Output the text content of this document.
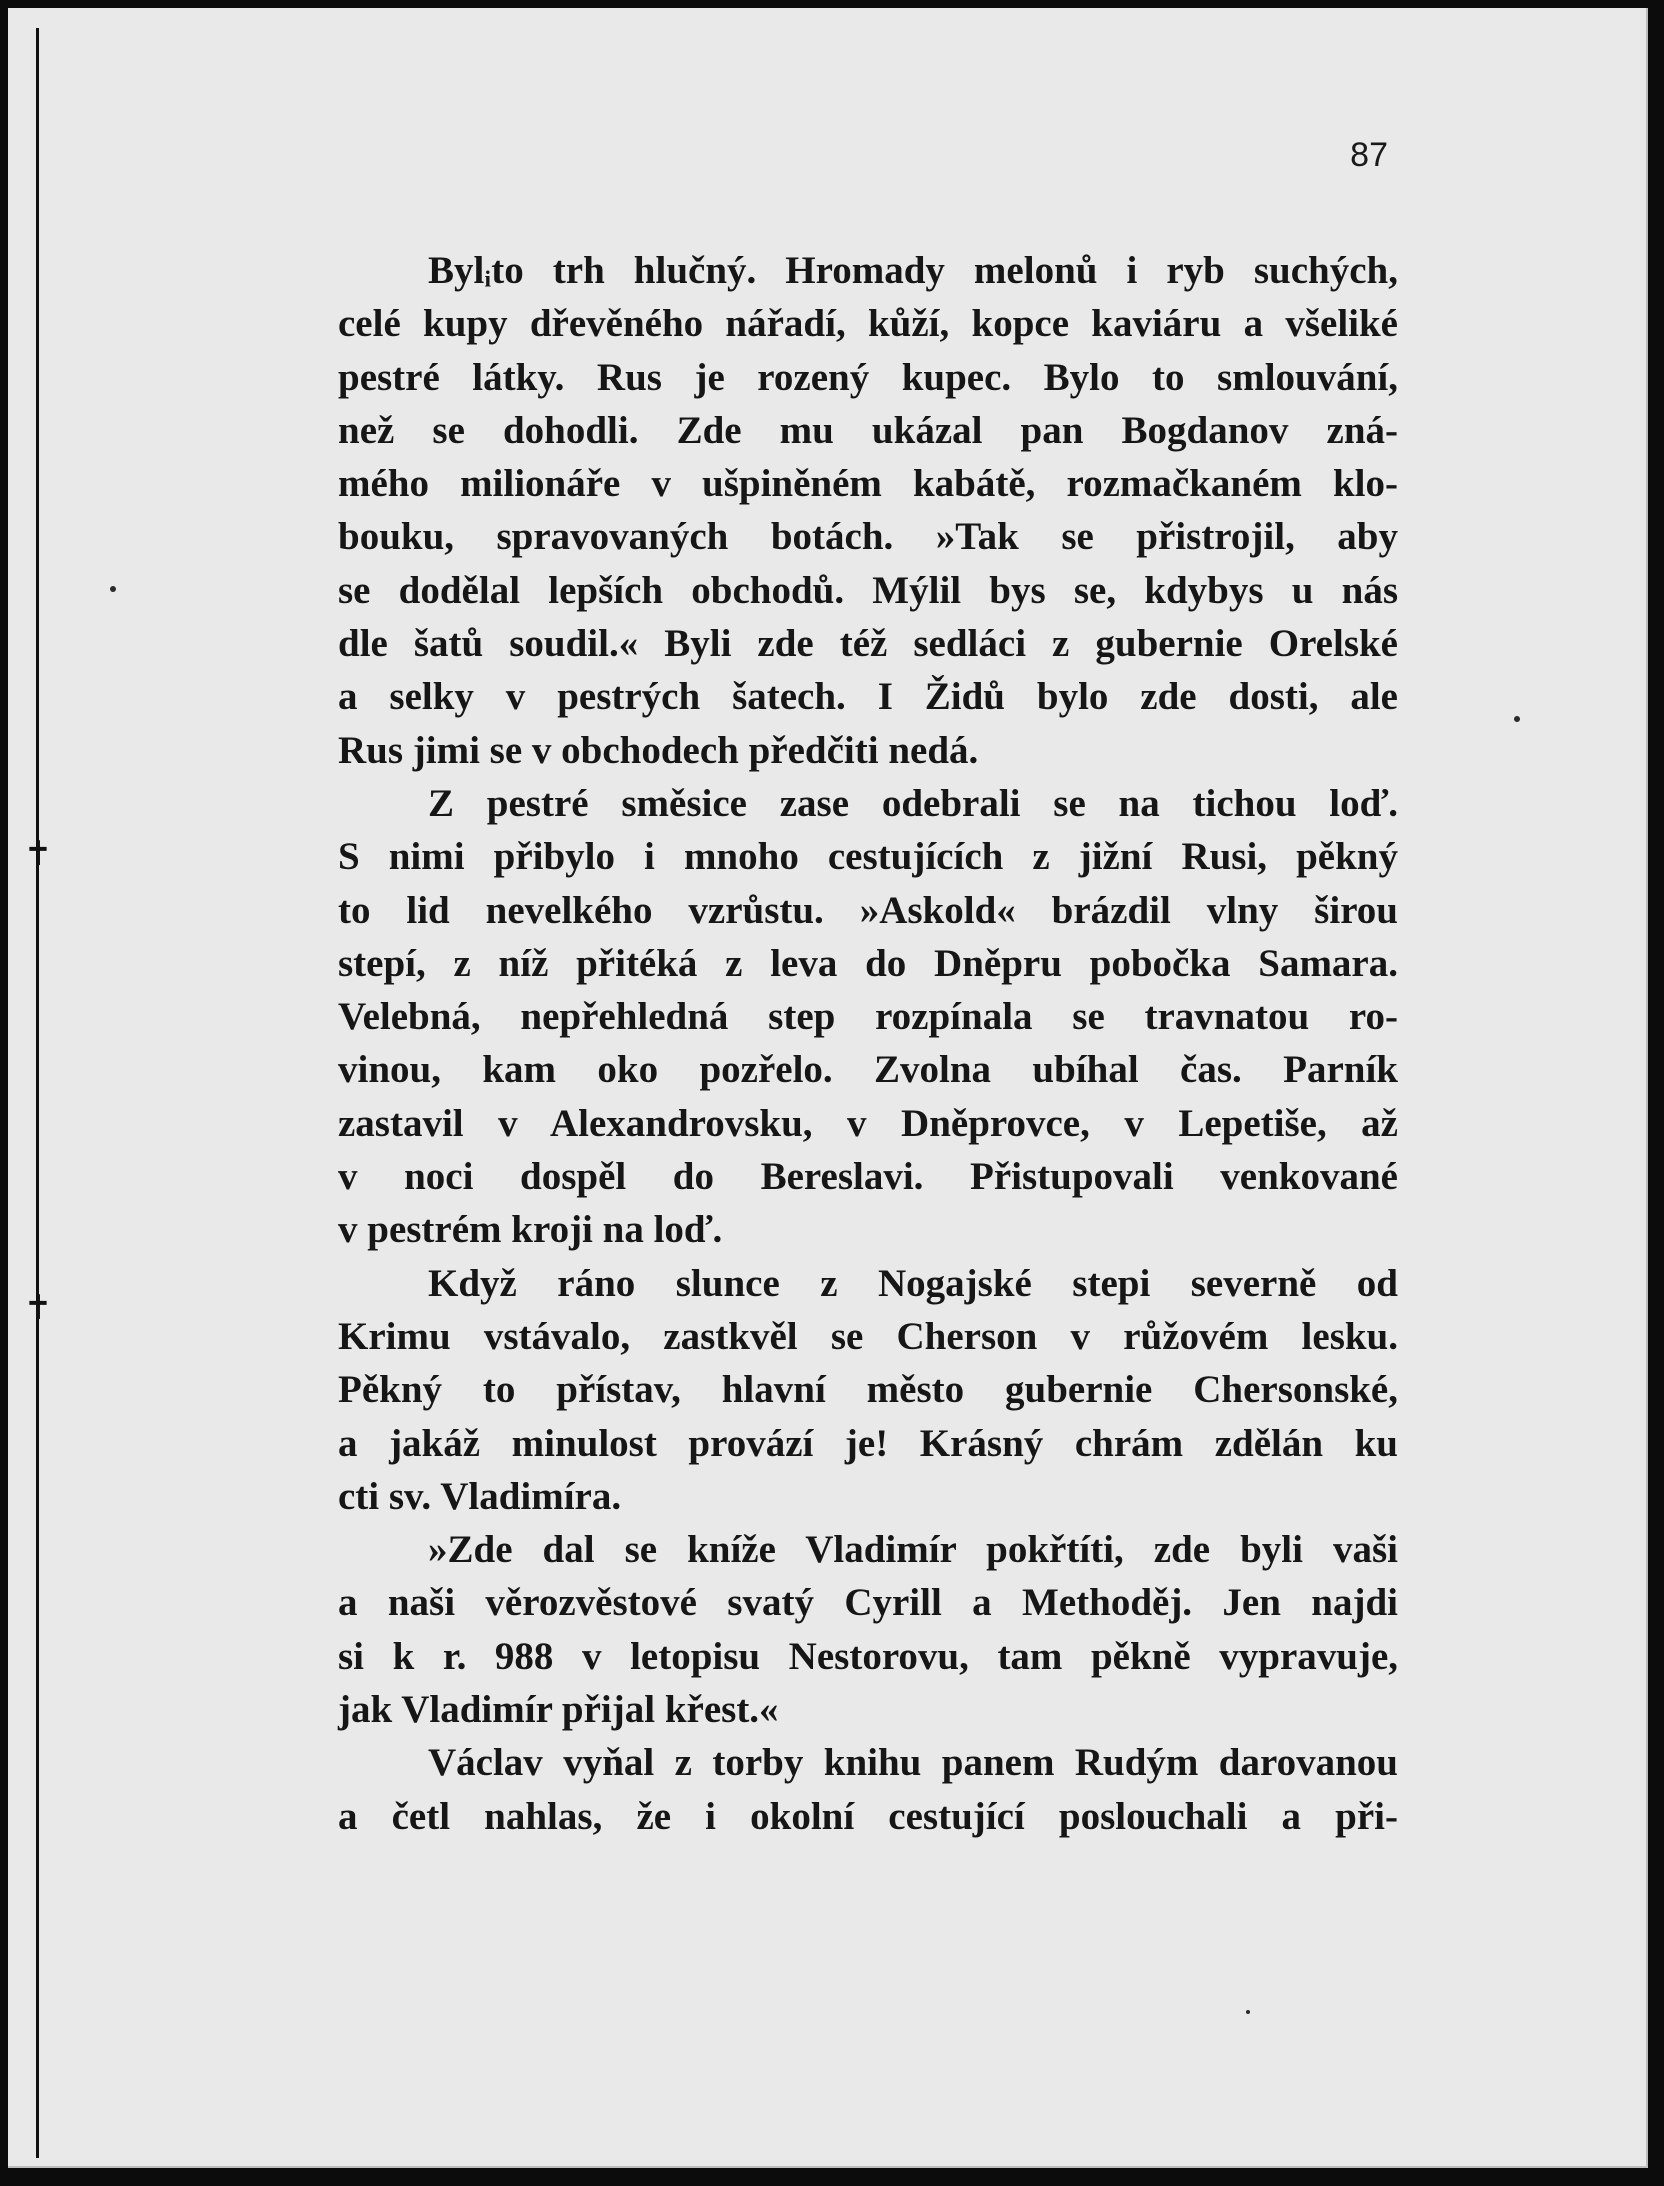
✝
✝
87
Bylᵢto trh hlučný. Hromady melonů i ryb suchých,
celé kupy dřevěného nářadí, kůží, kopce kaviáru a všeliké
pestré látky. Rus je rozený kupec. Bylo to smlouvání,
než se dohodli. Zde mu ukázal pan Bogdanov zná-
mého milionáře v ušpiněném kabátě, rozmačkaném klo-
bouku, spravovaných botách. »Tak se přistrojil, aby
se dodělal lepších obchodů. Mýlil bys se, kdybys u nás
dle šatů soudil.« Byli zde též sedláci z gubernie Orelské
a selky v pestrých šatech. I Židů bylo zde dosti, ale
Rus jimi se v obchodech předčiti nedá.
Z pestré směsice zase odebrali se na tichou loď.
S nimi přibylo i mnoho cestujících z jižní Rusi, pěkný
to lid nevelkého vzrůstu. »Askold« brázdil vlny širou
stepí, z níž přitéká z leva do Dněpru pobočka Samara.
Velebná, nepřehledná step rozpínala se travnatou ro-
vinou, kam oko pozřelo. Zvolna ubíhal čas. Parník
zastavil v Alexandrovsku, v Dněprovce, v Lepetiše, až
v noci dospěl do Bereslavi. Přistupovali venkované
v pestrém kroji na loď.
Když ráno slunce z Nogajské stepi severně od
Krimu vstávalo, zastkvěl se Cherson v růžovém lesku.
Pěkný to přístav, hlavní město gubernie Chersonské,
a jakáž minulost provází je! Krásný chrám zdělán ku
cti sv. Vladimíra.
»Zde dal se kníže Vladimír pokřtíti, zde byli vaši
a naši věrozvěstové svatý Cyrill a Methoděj. Jen najdi
si k r. 988 v letopisu Nestorovu, tam pěkně vypravuje,
jak Vladimír přijal křest.«
Václav vyňal z torby knihu panem Rudým darovanou
a četl nahlas, že i okolní cestující poslouchali a při-
